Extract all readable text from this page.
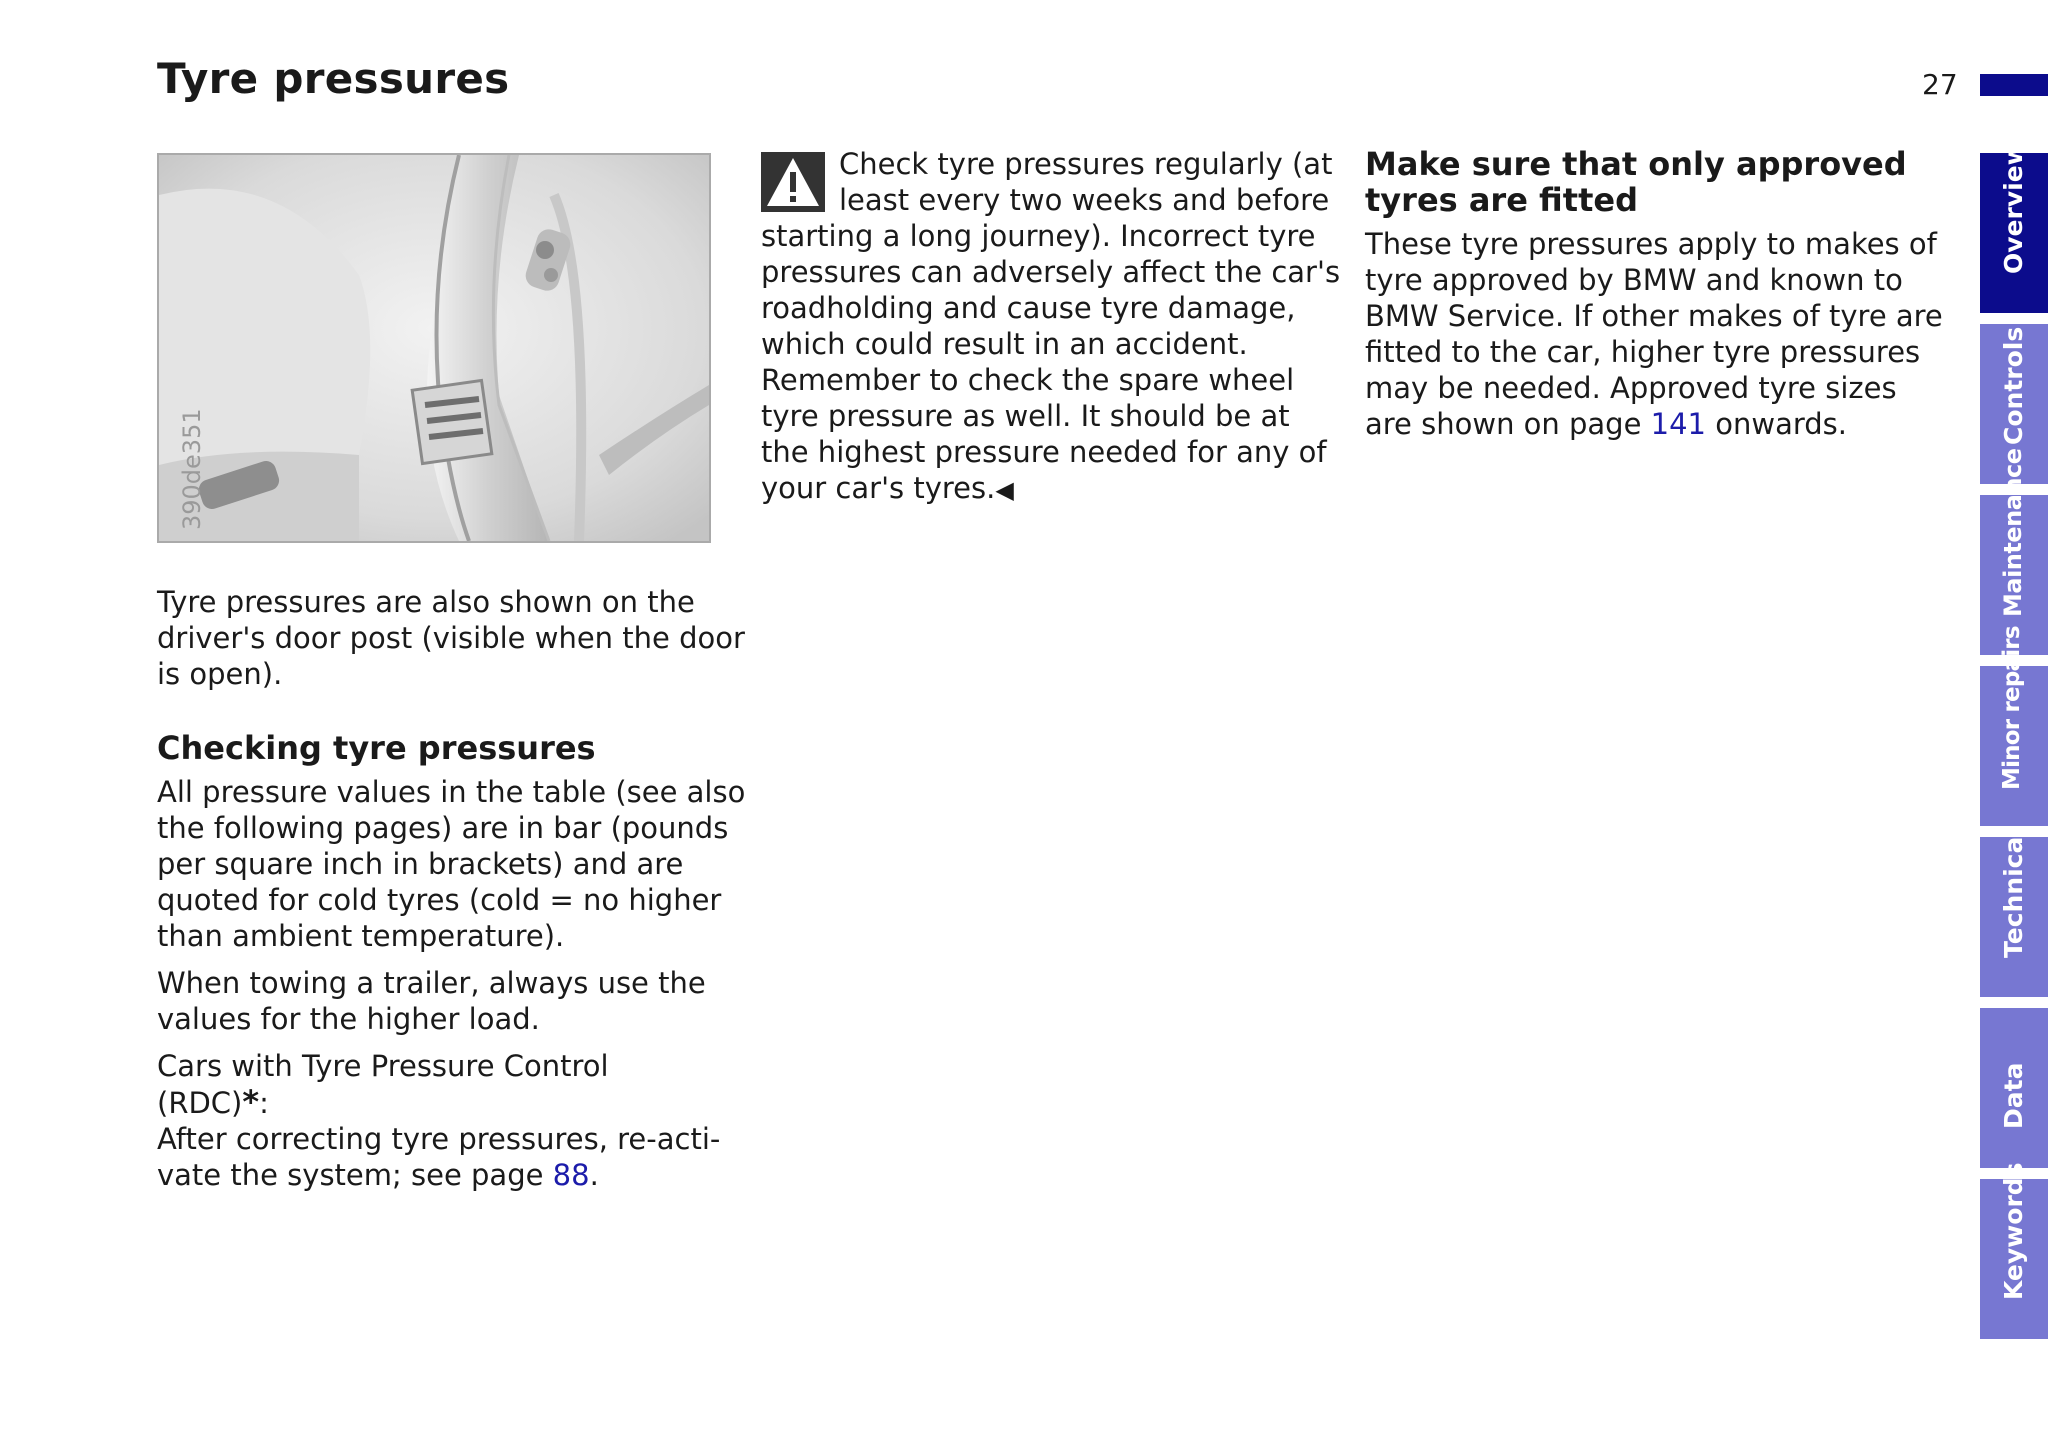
Tyre pressures	27
390de351

Tyre pressures are also shown on the driver's door post (visible when the door is open).

Checking tyre pressures

All pressure values in the table (see also the following pages) are in bar (pounds per square inch in brackets) and are quoted for cold tyres (cold = no higher than ambient temperature).

When towing a trailer, always use the values for the higher load.

Cars with Tyre Pressure Control
(RDC)*:
After correcting tyre pressures, re-acti-vate the system; see page 88.

Check tyre pressures regularly (at least every two weeks and before starting a long journey). Incorrect tyre pressures can adversely affect the car's roadholding and cause tyre damage, which could result in an accident. Remember to check the spare wheel tyre pressure as well. It should be at the highest pressure needed for any of your car's tyres.◀

Make sure that only approved tyres are fitted

These tyre pressures apply to makes of tyre approved by BMW and known to BMW Service. If other makes of tyre are fitted to the car, higher tyre pressures may be needed. Approved tyre sizes are shown on page 141 onwards.

Overview
Controls
Maintenance
Minor repairs
Technical
Data
Keywords
